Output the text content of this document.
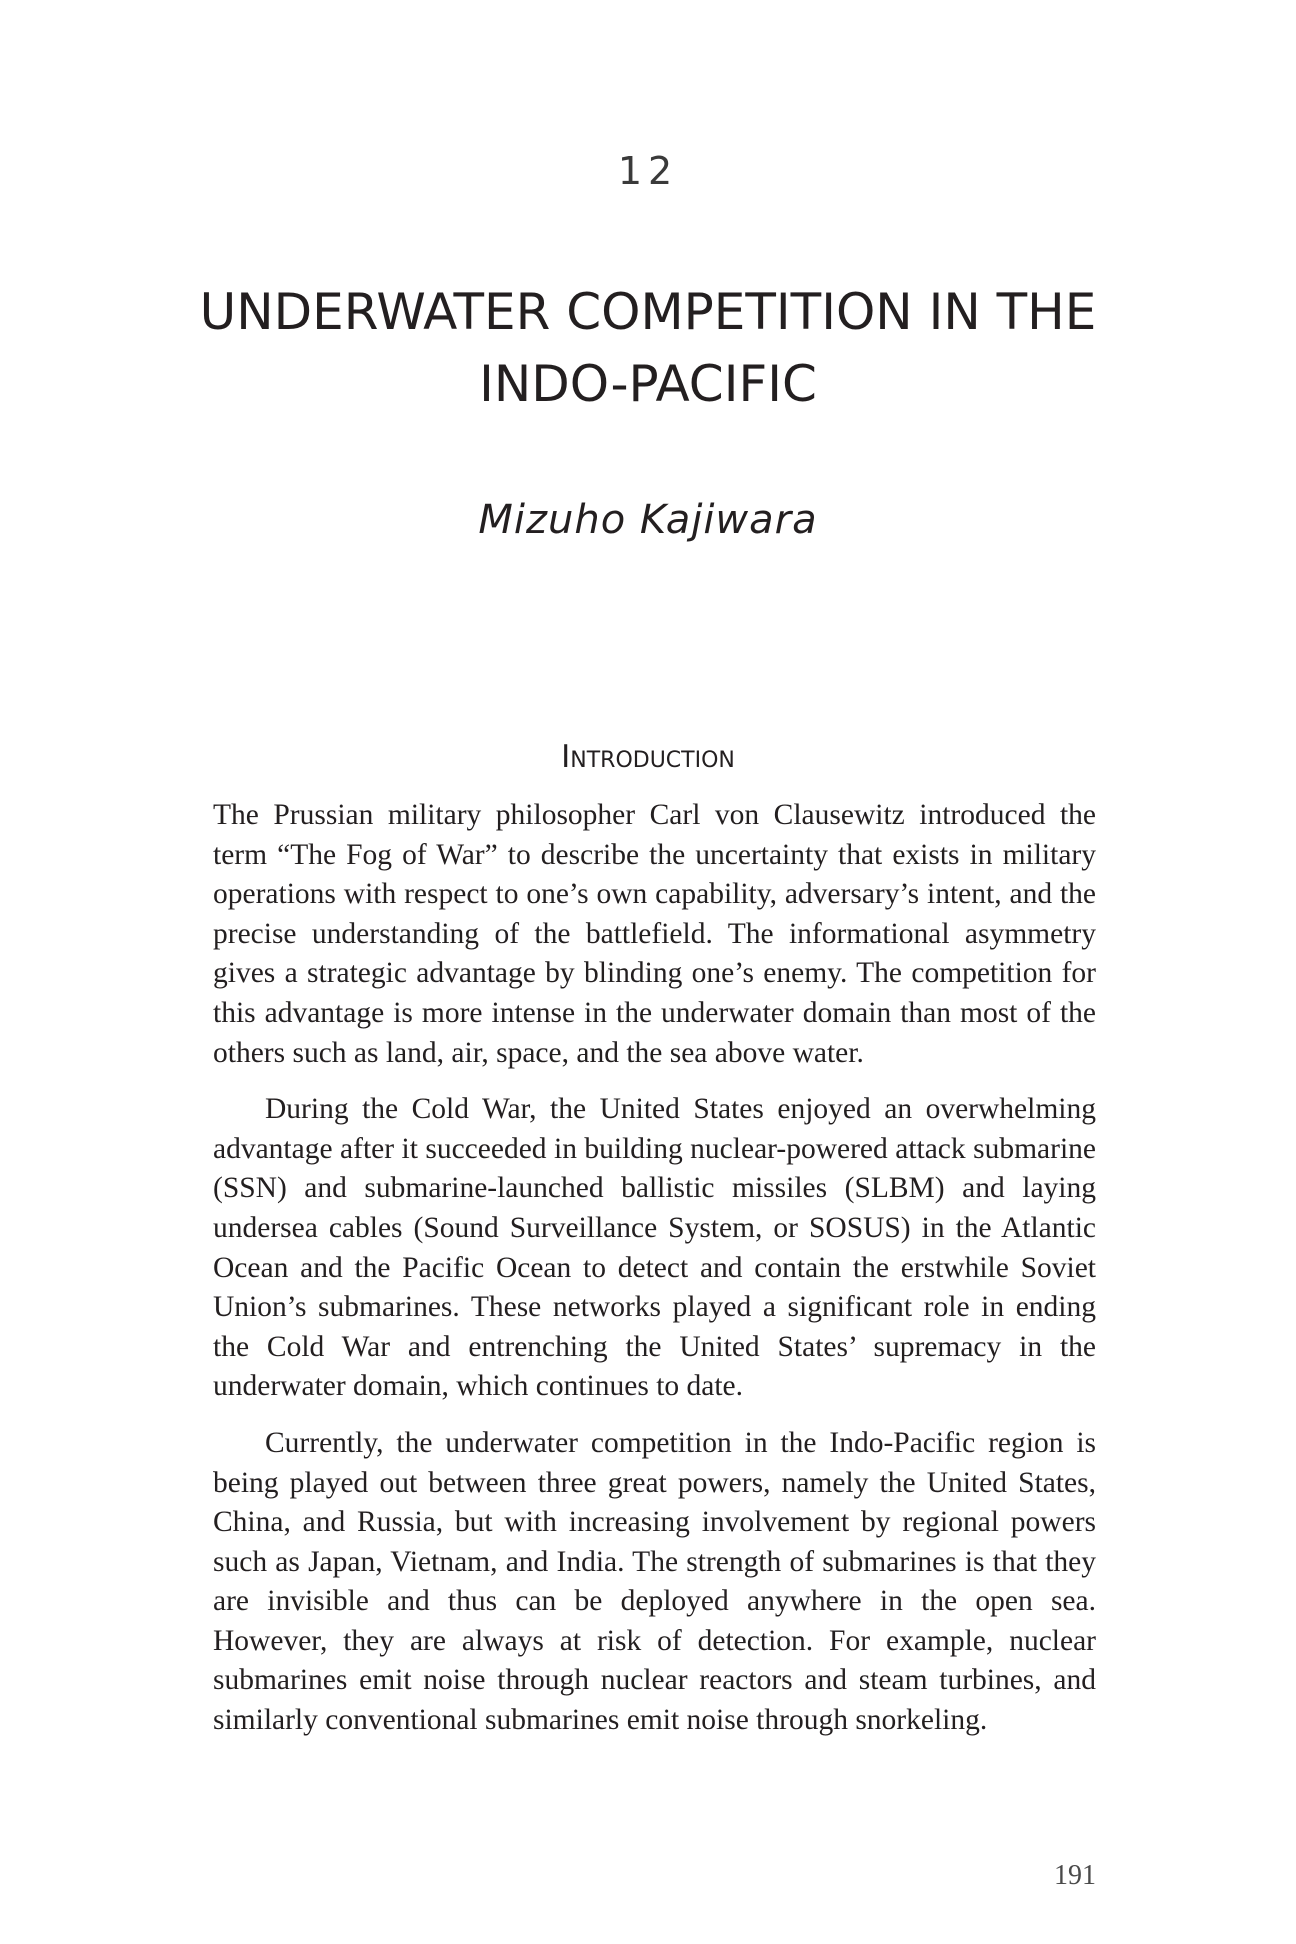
12
UNDERWATER COMPETITION IN THE
INDO-PACIFIC
Mizuho Kajiwara
Introduction

The Prussian military philosopher Carl von Clausewitz introduced the term “The Fog of War” to describe the uncertainty that exists in military operations with respect to one’s own capability, adversary’s intent, and the precise understanding of the battlefield. The informational asymmetry gives a strategic advantage by blinding one’s enemy. The competition for this advantage is more intense in the underwater domain than most of the others such as land, air, space, and the sea above water.

During the Cold War, the United States enjoyed an overwhelming advantage after it succeeded in building nuclear-powered attack submarine (SSN) and submarine-launched ballistic missiles (SLBM) and laying undersea cables (Sound Surveillance System, or SOSUS) in the Atlantic Ocean and the Pacific Ocean to detect and contain the erstwhile Soviet Union’s submarines. These networks played a significant role in ending the Cold War and entrenching the United States’ supremacy in the underwater domain, which continues to date.

Currently, the underwater competition in the Indo-Pacific region is being played out between three great powers, namely the United States, China, and Russia, but with increasing involvement by regional powers such as Japan, Vietnam, and India. The strength of submarines is that they are invisible and thus can be deployed anywhere in the open sea. However, they are always at risk of detection. For example, nuclear submarines emit noise through nuclear reactors and steam turbines, and similarly conventional submarines emit noise through snorkeling.

191
